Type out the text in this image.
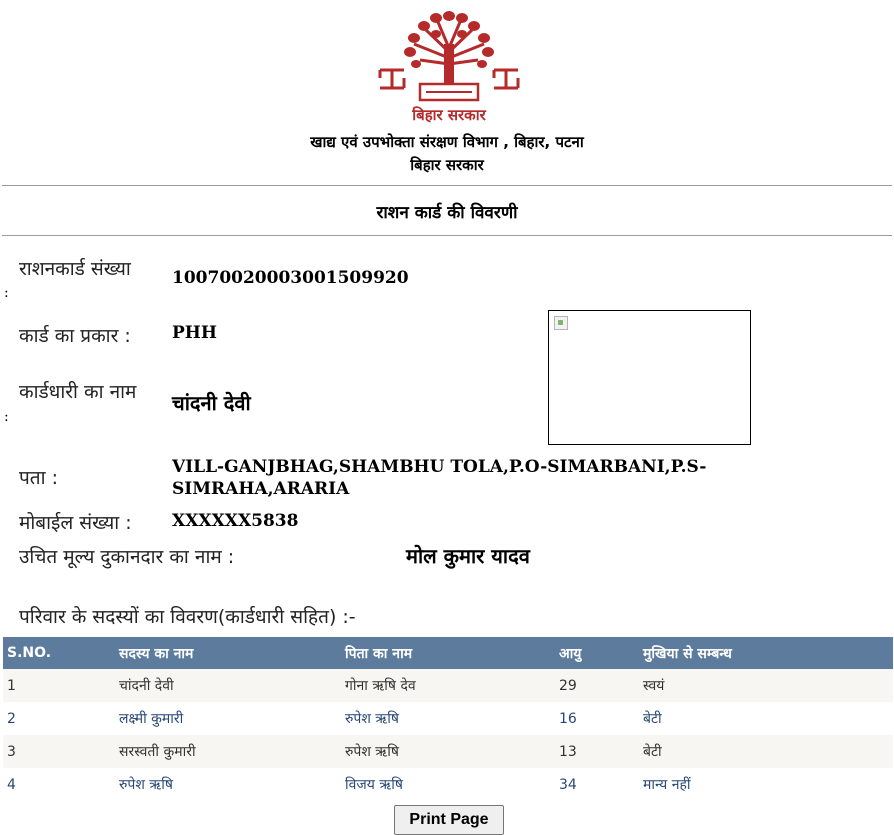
बिहार सरकार
खाद्य एवं उपभोक्ता संरक्षण विभाग , बिहार, पटना
बिहार सरकार
राशन कार्ड की विवरणी
राशनकार्ड संख्या
:
10070020003001509920
कार्ड का प्रकार : PHH
कार्डधारी का नाम
:
चांदनी देवी
पता :	VILL-GANJBHAG,SHAMBHU TOLA,P.O-SIMARBANI,P.S-SIMRAHA,ARARIA
मोबाईल संख्या : XXXXXX5838
उचित मूल्य दुकानदार का नाम :	मोल कुमार यादव
परिवार के सदस्यों का विवरण(कार्डधारी सहित) :-
S.NO.	सदस्य का नाम	पिता का नाम	आयु	मुखिया से सम्बन्ध
1	चांदनी देवी	गोना ऋषि देव	29	स्वयं
2	लक्ष्मी कुमारी	रुपेश ऋषि	16	बेटी
3	सरस्वती कुमारी	रुपेश ऋषि	13	बेटी
4	रुपेश ऋषि	विजय ऋषि	34	मान्य नहीं
Print Page
